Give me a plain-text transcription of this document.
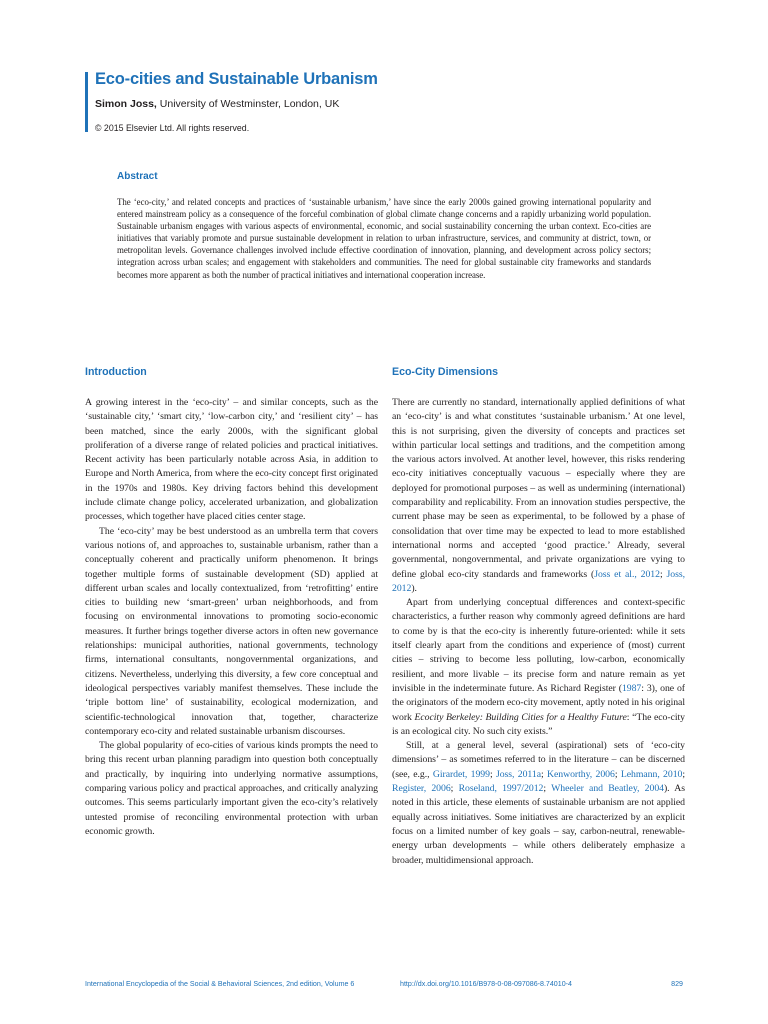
Eco-cities and Sustainable Urbanism
Simon Joss, University of Westminster, London, UK
© 2015 Elsevier Ltd. All rights reserved.
Abstract

The ‘eco-city,’ and related concepts and practices of ‘sustainable urbanism,’ have since the early 2000s gained growing international popularity and entered mainstream policy as a consequence of the forceful combination of global climate change concerns and a rapidly urbanizing world population. Sustainable urbanism engages with various aspects of environmental, economic, and social sustainability concerning the urban context. Eco-cities are initiatives that variably promote and pursue sustainable development in relation to urban infrastructure, services, and community at district, town, or metropolitan levels. Governance challenges involved include effective coordination of innovation, planning, and development across policy sectors; integration across urban scales; and engagement with stakeholders and communities. The need for global sustainable city frameworks and standards becomes more apparent as both the number of practical initiatives and international cooperation increase.

Introduction

A growing interest in the ‘eco-city’ – and similar concepts, such as the ‘sustainable city,’ ‘smart city,’ ‘low-carbon city,’ and ‘resilient city’ – has been matched, since the early 2000s, with the significant global proliferation of a diverse range of related policies and practical initiatives. Recent activity has been particularly notable across Asia, in addition to Europe and North America, from where the eco-city concept first originated in the 1970s and 1980s. Key driving factors behind this development include climate change policy, accelerated urbanization, and globalization processes, which together have placed cities center stage.

The ‘eco-city’ may be best understood as an umbrella term that covers various notions of, and approaches to, sustainable urbanism, rather than a conceptually coherent and practically uniform phenomenon. It brings together multiple forms of sustainable development (SD) applied at different urban scales and locally contextualized, from ‘retrofitting’ entire cities to building new ‘smart-green’ urban neighborhoods, and from focusing on environmental innovations to promoting socio-economic measures. It further brings together diverse actors in often new governance relationships: municipal authorities, national governments, technology firms, international consultants, nongovernmental organizations, and citizens. Nevertheless, underlying this diversity, a few core conceptual and ideological perspectives variably manifest themselves. These include the ‘triple bottom line’ of sustainability, ecological modernization, and scientific-technological innovation that, together, characterize contemporary eco-city and related sustainable urbanism discourses.

The global popularity of eco-cities of various kinds prompts the need to bring this recent urban planning paradigm into question both conceptually and practically, by inquiring into underlying normative assumptions, comparing various policy and practical approaches, and critically analyzing outcomes. This seems particularly important given the eco-city’s relatively untested promise of reconciling environmental protection with urban economic growth.

Eco-City Dimensions

There are currently no standard, internationally applied definitions of what an ‘eco-city’ is and what constitutes ‘sustainable urbanism.’ At one level, this is not surprising, given the diversity of concepts and practices set within particular local settings and traditions, and the competition among the various actors involved. At another level, however, this risks rendering eco-city initiatives conceptually vacuous – especially where they are deployed for promotional purposes – as well as undermining (international) comparability and replicability. From an innovation studies perspective, the current phase may be seen as experimental, to be followed by a phase of consolidation that over time may be expected to lead to more established international norms and accepted ‘good practice.’ Already, several governmental, nongovernmental, and private organizations are vying to define global eco-city standards and frameworks (Joss et al., 2012; Joss, 2012).

Apart from underlying conceptual differences and context-specific characteristics, a further reason why commonly agreed definitions are hard to come by is that the eco-city is inherently future-oriented: while it sets itself clearly apart from the conditions and experience of (most) current cities – striving to become less polluting, low-carbon, economically resilient, and more livable – its precise form and nature remain as yet invisible in the indeterminate future. As Richard Register (1987: 3), one of the originators of the modern eco-city movement, aptly noted in his original work Ecocity Berkeley: Building Cities for a Healthy Future: “The eco-city is an ecological city. No such city exists.”

Still, at a general level, several (aspirational) sets of ‘eco-city dimensions’ – as sometimes referred to in the literature – can be discerned (see, e.g., Girardet, 1999; Joss, 2011a; Kenworthy, 2006; Lehmann, 2010; Register, 2006; Roseland, 1997/2012; Wheeler and Beatley, 2004). As noted in this article, these elements of sustainable urbanism are not applied equally across initiatives. Some initiatives are characterized by an explicit focus on a limited number of key goals – say, carbon-neutral, renewable-energy urban developments – while others deliberately emphasize a broader, multidimensional approach.

International Encyclopedia of the Social & Behavioral Sciences, 2nd edition, Volume 6	http://dx.doi.org/10.1016/B978-0-08-097086-8.74010-4	829
